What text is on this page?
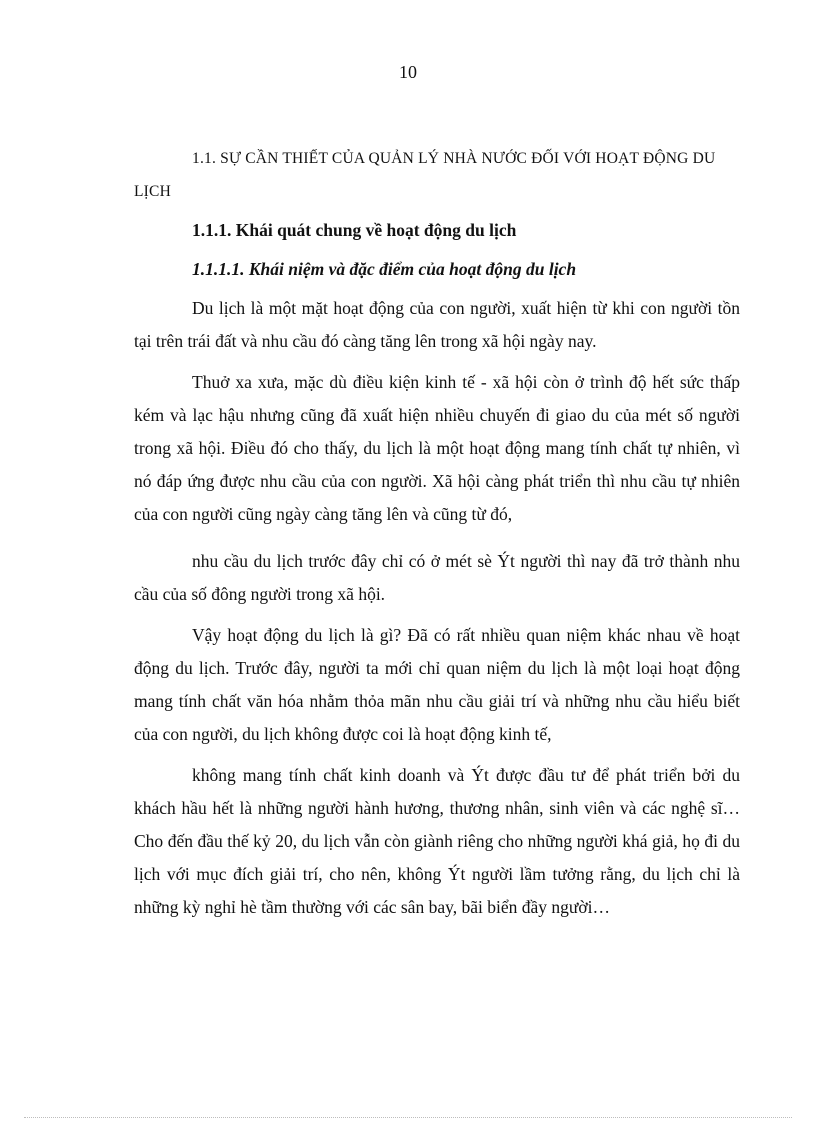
10

1.1. SỰ CẦN THIẾT CỦA QUẢN LÝ NHÀ NƯỚC ĐỐI VỚI HOẠT ĐỘNG DU LỊCH

1.1.1. Khái quát chung về hoạt động du lịch

1.1.1.1. Khái niệm và đặc điểm của hoạt động du lịch

Du lịch là một mặt hoạt động của con người, xuất hiện từ khi con người tồn tại trên trái đất và nhu cầu đó càng tăng lên trong xã hội ngày nay.

Thuở xa xưa, mặc dù điều kiện kinh tế - xã hội còn ở trình độ hết sức thấp kém và lạc hậu nhưng cũng đã xuất hiện nhiều chuyến đi giao du của mét số người trong xã hội. Điều đó cho thấy, du lịch là một hoạt động mang tính chất tự nhiên, vì nó đáp ứng được nhu cầu của con người. Xã hội càng phát triển thì nhu cầu tự nhiên của con người cũng ngày càng tăng lên và cũng từ đó,

nhu cầu du lịch trước đây chỉ có ở mét sè Ýt người thì nay đã trở thành nhu cầu của số đông người trong xã hội.

Vậy hoạt động du lịch là gì? Đã có rất nhiều quan niệm khác nhau về hoạt động du lịch. Trước đây, người ta mới chỉ quan niệm du lịch là một loại hoạt động mang tính chất văn hóa nhằm thỏa mãn nhu cầu giải trí và những nhu cầu hiểu biết của con người, du lịch không được coi là hoạt động kinh tế,

không mang tính chất kinh doanh và Ýt được đầu tư để phát triển bởi du khách hầu hết là những người hành hương, thương nhân, sinh viên và các nghệ sĩ… Cho đến đầu thế kỷ 20, du lịch vẫn còn giành riêng cho những người khá giả, họ đi du lịch với mục đích giải trí, cho nên, không Ýt người lầm tưởng rằng, du lịch chỉ là những kỳ nghỉ hè tầm thường với các sân bay, bãi biển đầy người…
